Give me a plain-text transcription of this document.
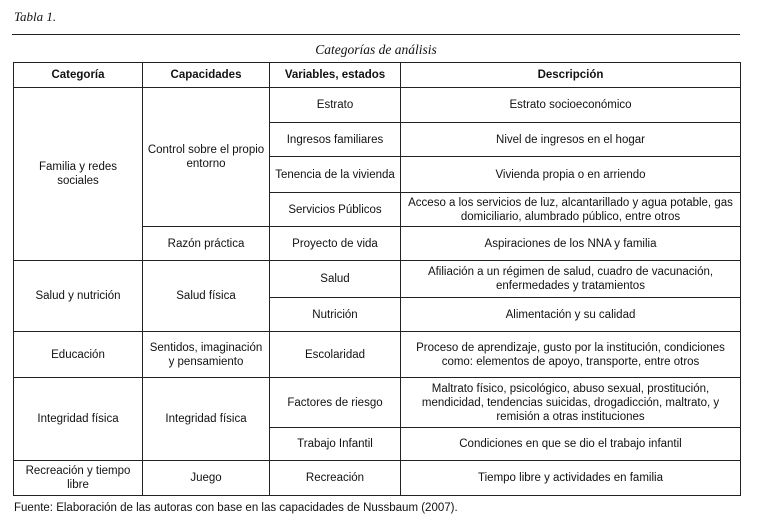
Tabla 1.
Categorías de análisis
Categoría	Capacidades	Variables, estados	Descripción
Familia y redes sociales	Control sobre el propio entorno	Estrato	Estrato socioeconómico
		Ingresos familiares	Nivel de ingresos en el hogar
		Tenencia de la vivienda	Vivienda propia o en arriendo
		Servicios Públicos	Acceso a los servicios de luz, alcantarillado y agua potable, gas domiciliario, alumbrado público, entre otros
	Razón práctica	Proyecto de vida	Aspiraciones de los NNA y familia
Salud y nutrición	Salud física	Salud	Afiliación a un régimen de salud, cuadro de vacunación, enfermedades y tratamientos
		Nutrición	Alimentación y su calidad
Educación	Sentidos, imaginación y pensamiento	Escolaridad	Proceso de aprendizaje, gusto por la institución, condiciones como: elementos de apoyo, transporte, entre otros
Integridad física	Integridad física	Factores de riesgo	Maltrato físico, psicológico, abuso sexual, prostitución, mendicidad, tendencias suicidas, drogadicción, maltrato, y remisión a otras instituciones
		Trabajo Infantil	Condiciones en que se dio el trabajo infantil
Recreación y tiempo libre	Juego	Recreación	Tiempo libre y actividades en familia
Fuente: Elaboración de las autoras con base en las capacidades de Nussbaum (2007).
